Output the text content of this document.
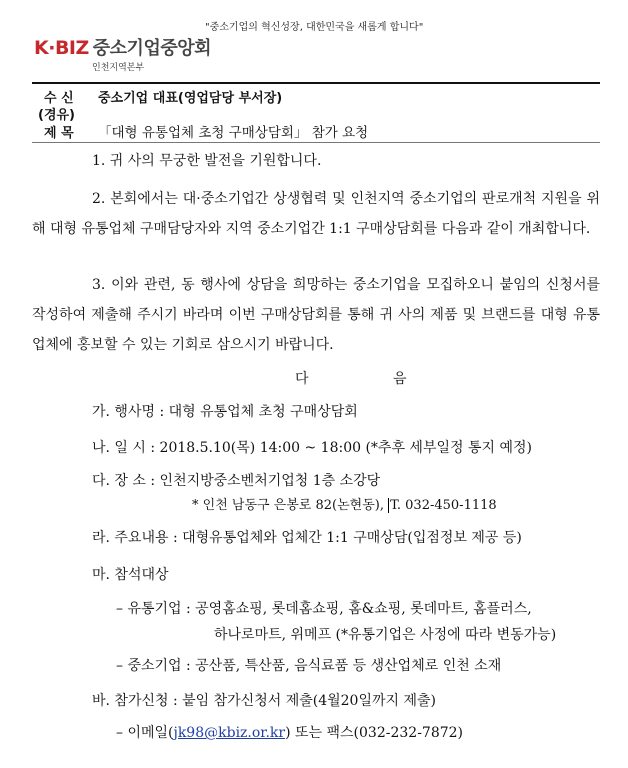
"중소기업의 혁신성장, 대한민국을 새롭게 합니다"
K·BIZ 중소기업중앙회
인천지역본부
수 신 중소기업 대표(영업담당 부서장)
(경유)
제 목 「대형 유통업체 초청 구매상담회」 참가 요청
1. 귀 사의 무궁한 발전을 기원합니다.
2. 본회에서는 대·중소기업간 상생협력 및 인천지역 중소기업의 판로개척 지원을 위해 대형 유통업체 구매담당자와 지역 중소기업간 1:1 구매상담회를 다음과 같이 개최합니다.
3. 이와 관련, 동 행사에 상담을 희망하는 중소기업을 모집하오니 붙임의 신청서를 작성하여 제출해 주시기 바라며 이번 구매상담회를 통해 귀 사의 제품 및 브랜드를 대형 유통업체에 홍보할 수 있는 기회로 삼으시기 바랍니다.
다 음
가. 행사명 : 대형 유통업체 초청 구매상담회
나. 일 시 : 2018.5.10(목) 14:00 ~ 18:00 (*추후 세부일정 통지 예정)
다. 장 소 : 인천지방중소벤처기업청 1층 소강당
* 인천 남동구 은봉로 82(논현동), T. 032-450-1118
라. 주요내용 : 대형유통업체와 업체간 1:1 구매상담(입점정보 제공 등)
마. 참석대상
– 유통기업 : 공영홈쇼핑, 롯데홈쇼핑, 홈&쇼핑, 롯데마트, 홈플러스,
하나로마트, 위메프 (*유통기업은 사정에 따라 변동가능)
– 중소기업 : 공산품, 특산품, 음식료품 등 생산업체로 인천 소재
바. 참가신청 : 붙임 참가신청서 제출(4월20일까지 제출)
– 이메일(jk98@kbiz.or.kr) 또는 팩스(032-232-7872)
